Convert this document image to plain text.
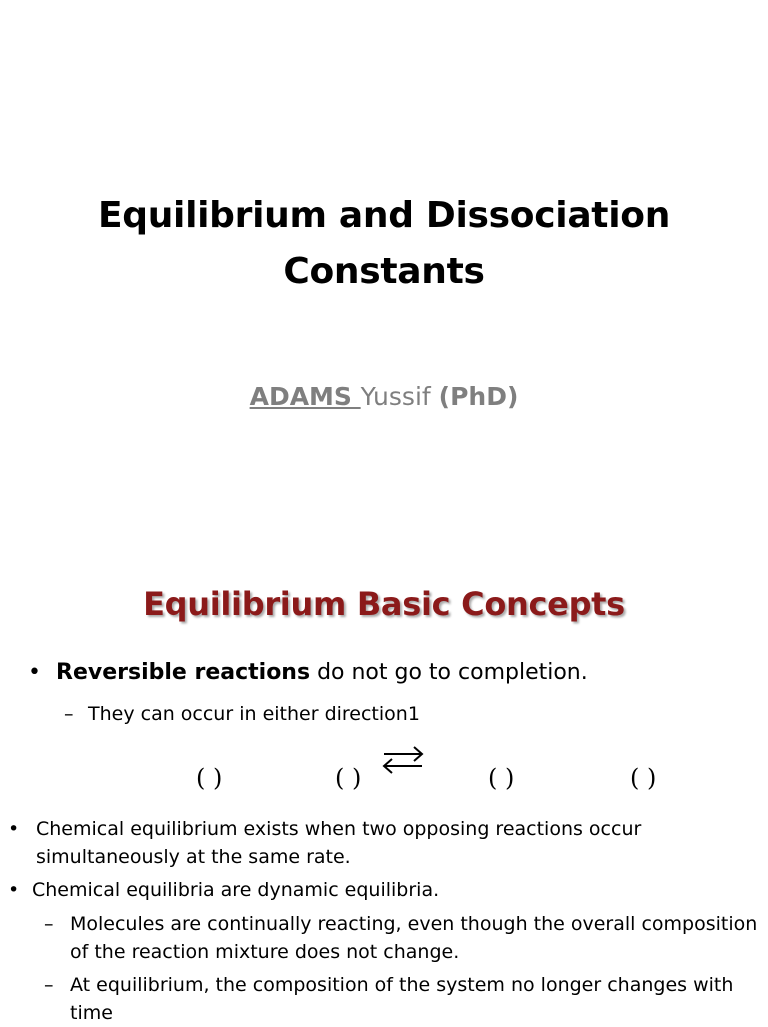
Equilibrium and Dissociation
Constants
ADAMS Yussif (PhD)
Equilibrium Basic Concepts
• Reversible reactions do not go to completion.
– They can occur in either direction1
( )	( )	( )	( )
• Chemical equilibrium exists when two opposing reactions occur simultaneously at the same rate.
• Chemical equilibria are dynamic equilibria.
– Molecules are continually reacting, even though the overall composition of the reaction mixture does not change.
– At equilibrium, the composition of the system no longer changes with time
